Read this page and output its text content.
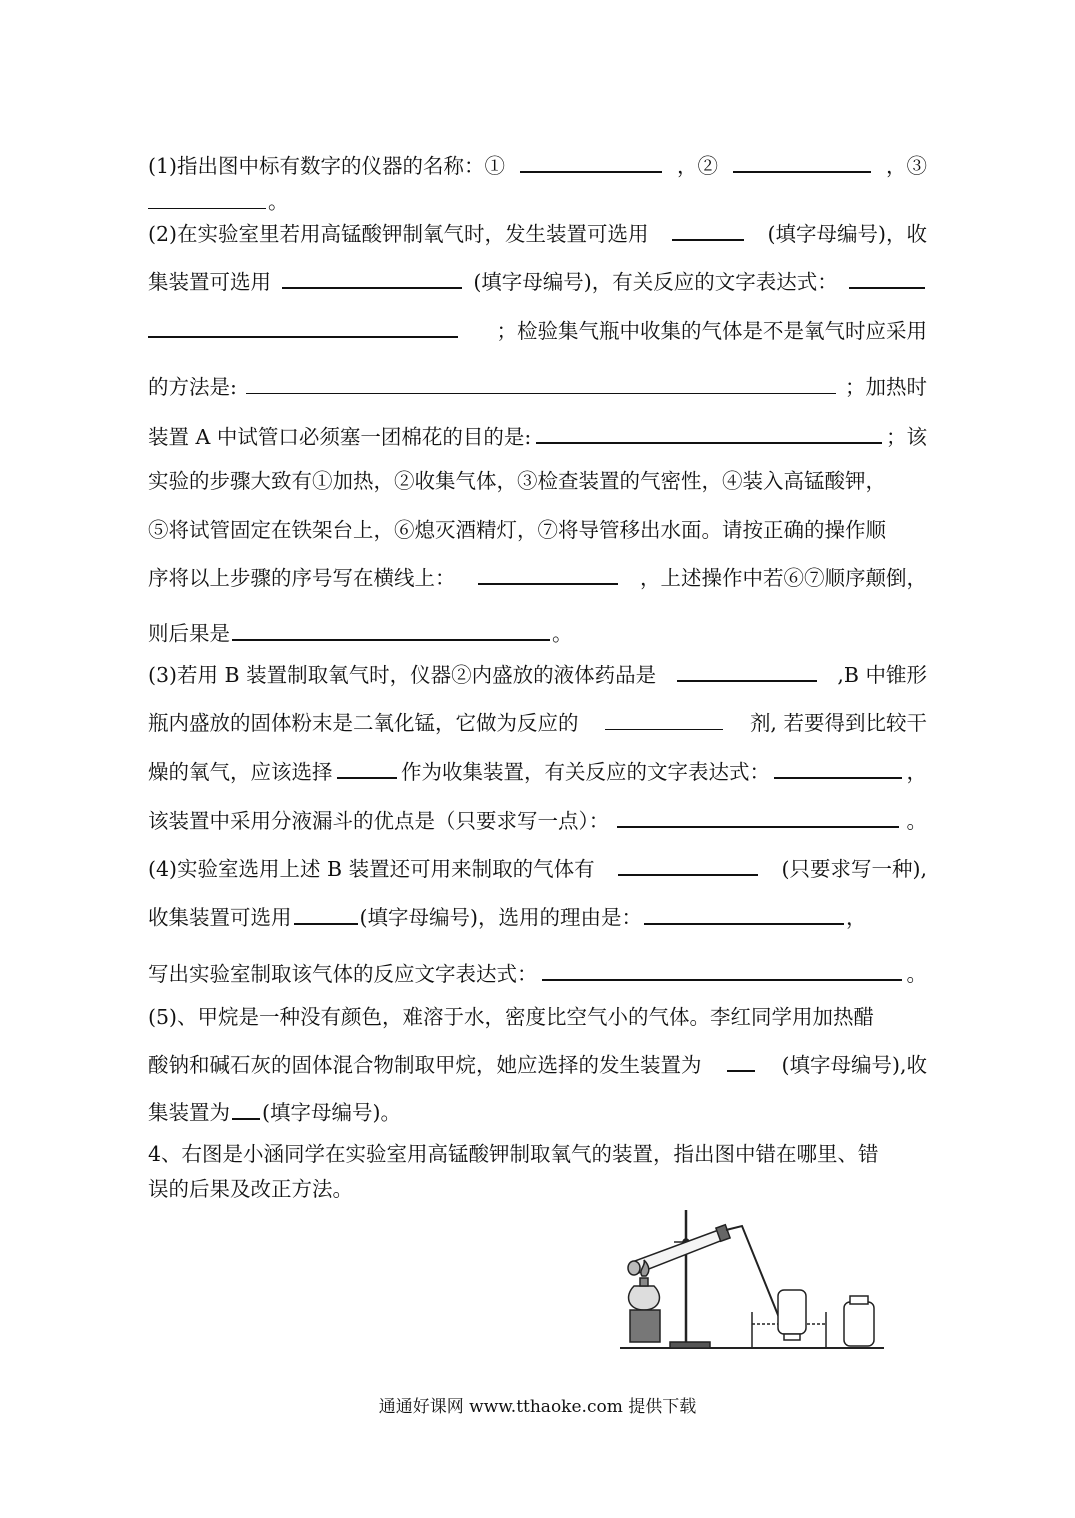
(1)指出图中标有数字的仪器的名称：①	，②	，③
。
(2)在实验室里若用高锰酸钾制氧气时，发生装置可选用	(填字母编号)，收
集装置可选用	(填字母编号)，有关反应的文字表达式：
；检验集气瓶中收集的气体是不是氧气时应采用
的方法是:	；加热时
装置 A 中试管口必须塞一团棉花的目的是:	；该
实验的步骤大致有①加热，②收集气体，③检查装置的气密性，④装入高锰酸钾，
⑤将试管固定在铁架台上，⑥熄灭酒精灯，⑦将导管移出水面。请按正确的操作顺
序将以上步骤的序号写在横线上：	，上述操作中若⑥⑦顺序颠倒，
则后果是	。
(3)若用 B 装置制取氧气时，仪器②内盛放的液体药品是	,B 中锥形
瓶内盛放的固体粉末是二氧化锰，它做为反应的	剂, 若要得到比较干
燥的氧气，应该选择	作为收集装置，有关反应的文字表达式：	，
该装置中采用分液漏斗的优点是（只要求写一点）：	。
(4)实验室选用上述 B 装置还可用来制取的气体有	(只要求写一种),
收集装置可选用	(填字母编号)，选用的理由是：	，
写出实验室制取该气体的反应文字表达式：	。
(5)、甲烷是一种没有颜色，难溶于水，密度比空气小的气体。李红同学用加热醋
酸钠和碱石灰的固体混合物制取甲烷，她应选择的发生装置为	(填字母编号),收
集装置为 (填字母编号)。
4、右图是小涵同学在实验室用高锰酸钾制取氧气的装置，指出图中错在哪里、错
误的后果及改正方法。
通通好课网 www.tthaoke.com 提供下载
